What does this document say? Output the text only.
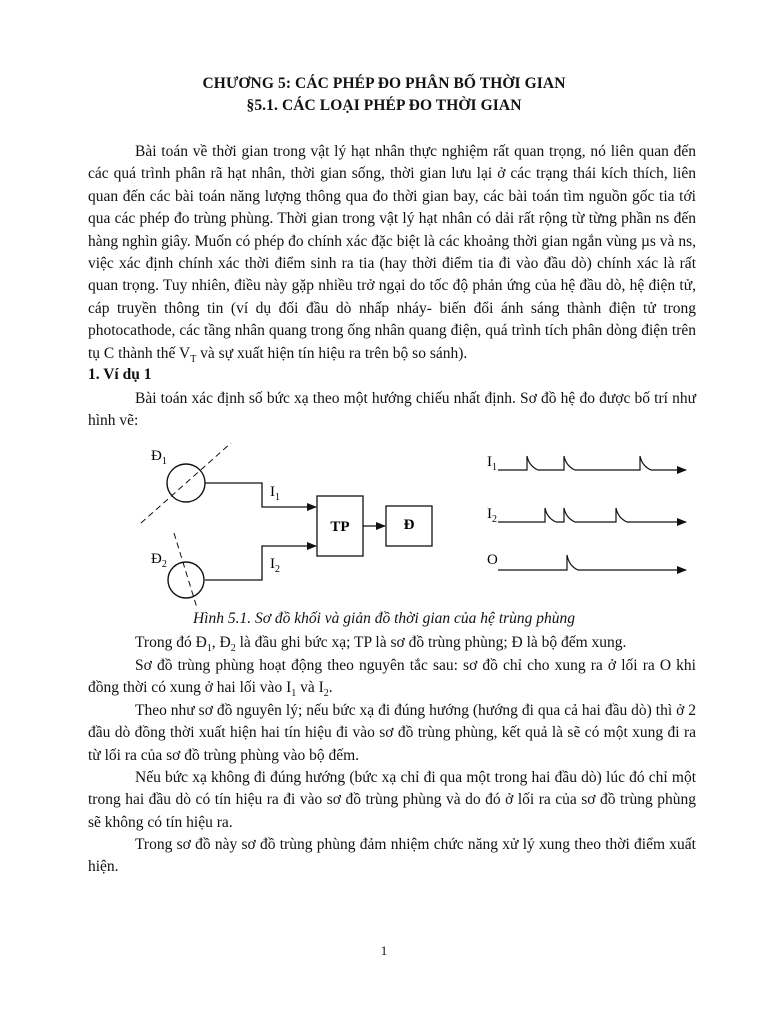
CHƯƠNG 5: CÁC PHÉP ĐO PHÂN BỐ THỜI GIAN
§5.1. CÁC LOẠI PHÉP ĐO THỜI GIAN
Bài toán về thời gian trong vật lý hạt nhân thực nghiệm rất quan trọng, nó liên quan đến các quá trình phân rã hạt nhân, thời gian sống, thời gian lưu lại ở các trạng thái kích thích, liên quan đến các bài toán năng lượng thông qua đo thời gian bay, các bài toán tìm nguồn gốc tia tới qua các phép đo trùng phùng. Thời gian trong vật lý hạt nhân có dải rất rộng từ từng phần ns đến hàng nghìn giây. Muốn có phép đo chính xác đặc biệt là các khoảng thời gian ngắn vùng µs và ns, việc xác định chính xác thời điểm sinh ra tia (hay thời điểm tia đi vào đầu dò) chính xác là rất quan trọng. Tuy nhiên, điều này gặp nhiều trở ngại do tốc độ phản ứng của hệ đầu dò, hệ điện tử, cáp truyền thông tin (ví dụ đối đầu dò nhấp nháy- biến đổi ánh sáng thành điện tử trong photocathode, các tầng nhân quang trong ống nhân quang điện, quá trình tích phân dòng điện trên tụ C thành thế $V_T$ và sự xuất hiện tín hiệu ra trên bộ so sánh).
1. Ví dụ 1
Bài toán xác định số bức xạ theo một hướng chiếu nhất định. Sơ đồ hệ đo được bố trí như hình vẽ:
$Đ_1$
$Đ_2$
$I_1$
$I_2$
TP	Đ
$I_1$
$I_2$
O
Hình 5.1. Sơ đồ khối và giản đồ thời gian của hệ trùng phùng
Trong đó $Đ_1$, $Đ_2$ là đầu ghi bức xạ; TP là sơ đồ trùng phùng; Đ là bộ đếm xung.
Sơ đồ trùng phùng hoạt động theo nguyên tắc sau: sơ đồ chỉ cho xung ra ở lối ra O khi đồng thời có xung ở hai lối vào $I_1$ và $I_2$.
Theo như sơ đồ nguyên lý; nếu bức xạ đi đúng hướng (hướng đi qua cả hai đầu dò) thì ở 2 đầu dò đồng thời xuất hiện hai tín hiệu đi vào sơ đồ trùng phùng, kết quả là sẽ có một xung đi ra từ lối ra của sơ đồ trùng phùng vào bộ đếm.
Nếu bức xạ không đi đúng hướng (bức xạ chỉ đi qua một trong hai đầu dò) lúc đó chỉ một trong hai đầu dò có tín hiệu ra đi vào sơ đồ trùng phùng và do đó ở lối ra của sơ đồ trùng phùng sẽ không có tín hiệu ra.
Trong sơ đồ này sơ đồ trùng phùng đảm nhiệm chức năng xử lý xung theo thời điểm xuất hiện.
1
